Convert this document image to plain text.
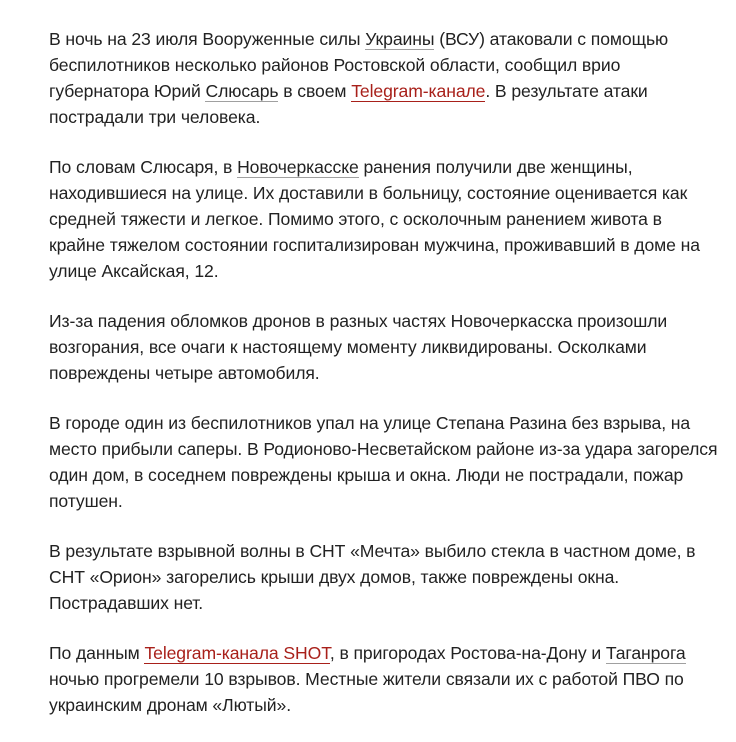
В ночь на 23 июля Вооруженные силы Украины (ВСУ) атаковали с помощью беспилотников несколько районов Ростовской области, сообщил врио губернатора Юрий Слюсарь в своем Telegram-канале. В результате атаки пострадали три человека.

По словам Слюсаря, в Новочеркасске ранения получили две женщины, находившиеся на улице. Их доставили в больницу, состояние оценивается как средней тяжести и легкое. Помимо этого, с осколочным ранением живота в крайне тяжелом состоянии госпитализирован мужчина, проживавший в доме на улице Аксайская, 12.

Из-за падения обломков дронов в разных частях Новочеркасска произошли возгорания, все очаги к настоящему моменту ликвидированы. Осколками повреждены четыре автомобиля.

В городе один из беспилотников упал на улице Степана Разина без взрыва, на место прибыли саперы. В Родионово-Несветайском районе из-за удара загорелся один дом, в соседнем повреждены крыша и окна. Люди не пострадали, пожар потушен.

В результате взрывной волны в СНТ «Мечта» выбило стекла в частном доме, в СНТ «Орион» загорелись крыши двух домов, также повреждены окна. Пострадавших нет.

По данным Telegram-канала SHOT, в пригородах Ростова-на-Дону и Таганрога ночью прогремели 10 взрывов. Местные жители связали их с работой ПВО по украинским дронам «Лютый».
